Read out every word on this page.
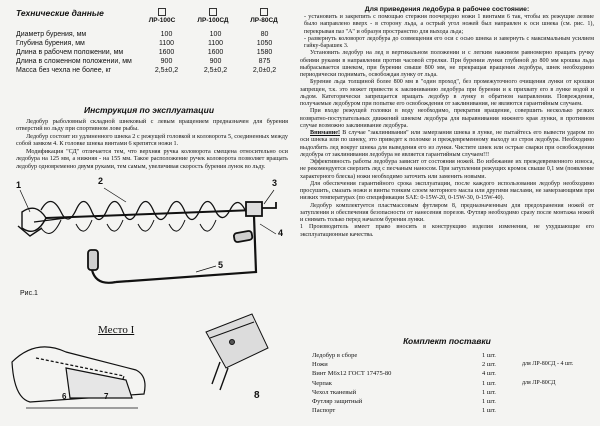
Технические данные
ЛР-100С	ЛР-100СД	ЛР-80СД
Диаметр бурения, мм	100	100	80
Глубина бурения, мм	1100	1100	1050
Длина в рабочем положении, мм	1600	1600	1580
Длина в сложенном положении, мм	900	900	875
Масса без чехла не более, кг	2,5±0,2	2,5±0,2	2,0±0,2
Инструкция по эксплуатации

Ледобур рыболовный складной шнековый с левым вращением предназначен для бурения отверстий во льду при спортивном лове рыбы.

Ледобур состоит из удлиненного шнека 2 с режущей головкой и коловорота 5, соединенных между собой замком 4. К головке шнека винтами 6 крепятся ножи 1.

Модификация "СД" отличается тем, что верхняя ручка коловорота смещена относительно оси ледобура на 125 мм, а нижняя - на 155 мм. Такое расположение ручек коловорота позволяет вращать ледобур одновременно двумя руками, тем самым, увеличивая скорость бурения лунок во льду.

1	2	3
4
5
6	7	8
Рис.1
Место I

Для приведения ледобура в рабочее состояние:

- установить и закрепить с помощью стержня поочередно ножи 1 винтами 6 так, чтобы их режущие лезвие было направлено вверх - в сторону льда, а острый угол ножей был направлен к оси шнека (см. рис. 1), перекрывая паз "А" и образуя пространство для выхода льда;

- развернуть коловорот ледобура до совмещения его оси с осью шнека и завернуть с максимальным усилием гайку-барашек 3.

Установить ледобур на лед в вертикальном положении и с легким нажимом равномерно вращать ручку обеими руками в направлении против часовой стрелки. При бурении лунки глубиной до 800 мм крошка льда выбрасывается шнеком, при бурении свыше 800 мм, не прекращая вращения ледобура, шнек необходимо периодически поднимать, освобождая лунку от льда.

Бурение льда толщиной более 800 мм в "один проход", без промежуточного очищения лунки от крошки запрещен, т.к. это может привести к заклиниванию ледобура при бурении и к прихвату его в лунке водой и льдом. Категорически запрещается вращать ледобур в лунку в обратном направлении. Повреждения, получаемые ледобуром при попытке его освобождения от заклинивания, не являются гарантийным случаем.

При входе режущей головки в воду необходимо, прекратив вращение, совершить несколько резких возвратно-поступательных движений шнеком ледобура для выравнивания нижнего края лунки, в противном случае возможно заклинивание ледобура.

Внимание! В случае "заклинивания" или замерзания шнека в лунке, не пытайтесь его вывести ударом по оси шнека или по шнеку, это приведет к поломке и преждевременному выходу из строя ледобура. Необходимо выдолбить лед вокруг шнека для выведения его из лунки. Чистите шнек или острые сварки при освобождении ледобура от заклинивания ледобура не является гарантийным случаем!!!

Эффективность работы ледобура зависит от состояния ножей. Во избежание их преждевременного износа, не рекомендуется сверлить лед с песчаным наносом. При затуплении режущих кромок свыше 0,1 мм (появление характерного блеска) ножи необходимо заточить или заменить новыми.

Для обеспечения гарантийного срока эксплуатации, после каждого использования ледобур необходимо просушить, смазать ножи и винты тонким слоем моторного масла или другими маслами, не замерзающими при низких температурах (по спецификации SAE: 0-15W-20, 0-15W-30, 0-15W-40).

Ледобур комплектуется пластмассовым футляром 8, предназначенным для предохранения ножей от затупления и обеспечения безопасности от нанесения порезов. Футляр необходимо сразу после монтажа ножей и снимать только перед началом бурения лунки.

1 Производитель имеет право вносить в конструкцию изделия изменения, не ухудшающие его эксплуатационные качества.

Комплект поставки
Ледобур в сборе	1 шт.
Ножи	2 шт.	для ЛР-80СД - 4 шт.
Винт М6х12 ГОСТ 17475-80	4 шт.
Черпак	1 шт.	для ЛР-80СД
Чехол тканевый	1 шт.
Футляр защитный	1 шт.
Паспорт	1 шт.
